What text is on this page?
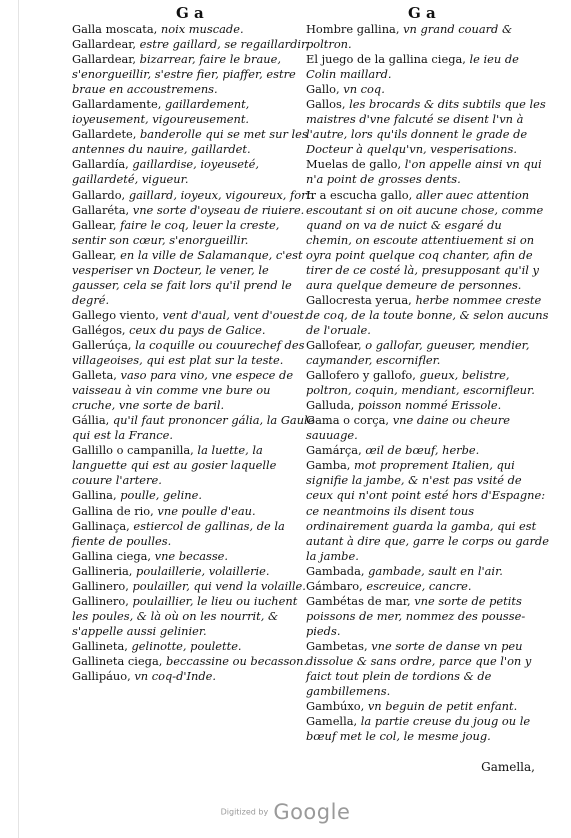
G a	G a

Galla moscata, noix muscade.

Gallardear, estre gaillard, se regaillardir.

Gallardear, bizarrear, faire le braue, s'enorgueillir, s'estre fier, piaffer, estre braue en accoustremens.

Gallardamente, gaillardement, ioyeusement, vigoureusement.

Gallardete, banderolle qui se met sur les antennes du nauire, gaillardet.

Gallardía, gaillardise, ioyeuseté, gaillardeté, vigueur.

Gallardo, gaillard, ioyeux, vigoureux, fort.

Gallaréta, vne sorte d'oyseau de riuiere.

Gallear, faire le coq, leuer la creste, sentir son cœur, s'enorgueillir.

Gallear, en la ville de Salamanque, c'est vesperiser vn Docteur, le vener, le gausser, cela se fait lors qu'il prend le degré.

Gallego viento, vent d'aual, vent d'ouest.

Gallégos, ceux du pays de Galice.

Gallerúça, la coquille ou couurechef des villageoises, qui est plat sur la teste.

Galleta, vaso para vino, vne espece de vaisseau à vin comme vne bure ou cruche, vne sorte de baril.

Gállia, qu'il faut prononcer gália, la Gaule qui est la France.

Gallillo o campanilla, la luette, la languette qui est au gosier laquelle couure l'artere.

Gallina, poulle, geline.

Gallina de rio, vne poulle d'eau.

Gallinaça, estiercol de gallinas, de la fiente de poulles.

Gallina ciega, vne becasse.

Gallineria, poulaillerie, volaillerie.

Gallinero, poulailler, qui vend la volaille.

Gallinero, poulaillier, le lieu ou iuchent les poules, & là où on les nourrit, & s'appelle aussi gelinier.

Gallineta, gelinotte, poulette.

Gallineta ciega, beccassine ou becasson.

Gallipáuo, vn coq-d'Inde.

Hombre gallina, vn grand couard & poltron.

El juego de la gallina ciega, le ieu de Colin maillard.

Gallo, vn coq.

Gallos, les brocards & dits subtils que les maistres d'vne falcuté se disent l'vn à l'autre, lors qu'ils donnent le grade de Docteur à quelqu'vn, vesperisations.

Muelas de gallo, l'on appelle ainsi vn qui n'a point de grosses dents.

Ir a escucha gallo, aller auec attention escoutant si on oit aucune chose, comme quand on va de nuict & esgaré du chemin, on escoute attentiuement si on oyra point quelque coq chanter, afin de tirer de ce costé là, presupposant qu'il y aura quelque demeure de personnes.

Gallocresta yerua, herbe nommee creste de coq, de la toute bonne, & selon aucuns de l'oruale.

Gallofear, o gallofar, gueuser, mendier, caymander, escornifler.

Gallofero y gallofo, gueux, belistre, poltron, coquin, mendiant, escornifleur.

Galluda, poisson nommé Erissole.

Gama o corça, vne daine ou cheure sauuage.

Gamárça, œil de bœuf, herbe.

Gamba, mot proprement Italien, qui signifie la jambe, & n'est pas vsité de ceux qui n'ont point esté hors d'Espagne: ce neantmoins ils disent tous ordinairement guarda la gamba, qui est autant à dire que, garre le corps ou garde la jambe.

Gambada, gambade, sault en l'air.

Gámbaro, escreuice, cancre.

Gambétas de mar, vne sorte de petits poissons de mer, nommez des pousse-pieds.

Gambetas, vne sorte de danse vn peu dissolue & sans ordre, parce que l'on y faict tout plein de tordions & de gambillemens.

Gambúxo, vn beguin de petit enfant.

Gamella, la partie creuse du joug ou le bœuf met le col, le mesme joug.

Gamella,
Digitized by Google
